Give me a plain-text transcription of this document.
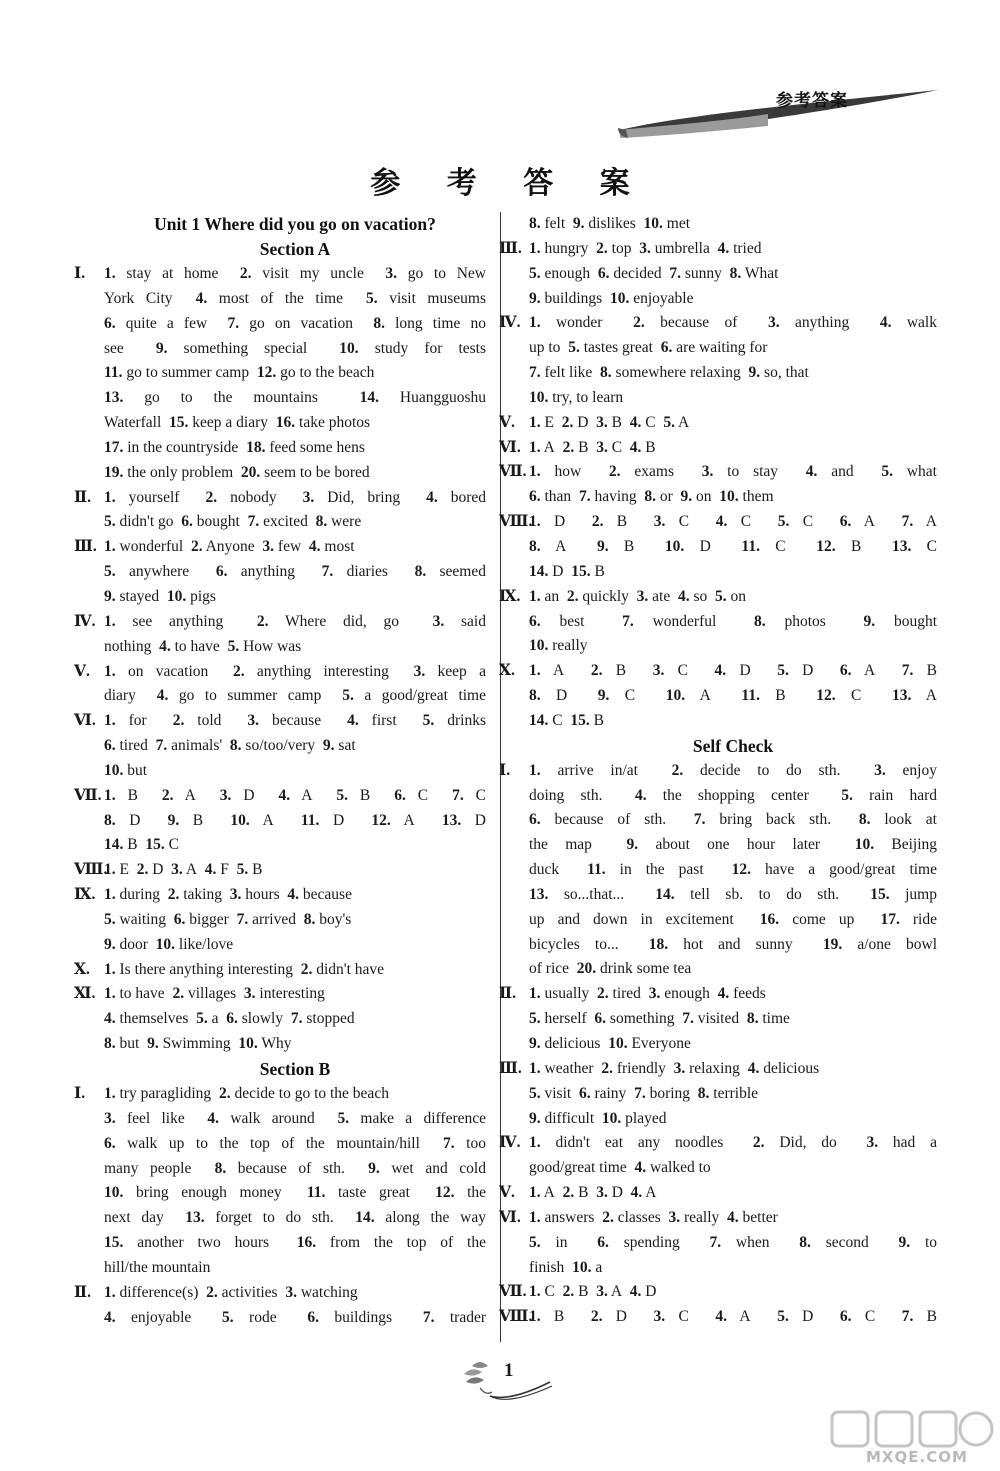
参考答案
参 考 答 案
Unit 1 Where did you go on vacation?
Section A
Ⅰ. 1. stay at home  2. visit my uncle  3. go to New
York City  4. most of the time  5. visit museums
6. quite a few  7. go on vacation  8. long time no
see  9. something special  10. study for tests
11. go to summer camp  12. go to the beach
13. go to the mountains  14. Huangguoshu
Waterfall  15. keep a diary  16. take photos
17. in the countryside  18. feed some hens
19. the only problem  20. seem to be bored
Ⅱ. 1. yourself  2. nobody  3. Did, bring  4. bored
5. didn't go  6. bought  7. excited  8. were
Ⅲ. 1. wonderful  2. Anyone  3. few  4. most
5. anywhere  6. anything  7. diaries  8. seemed
9. stayed  10. pigs
Ⅳ. 1. see anything  2. Where did, go  3. said
nothing  4. to have  5. How was
Ⅴ. 1. on vacation  2. anything interesting  3. keep a
diary  4. go to summer camp  5. a good/great time
Ⅵ. 1. for  2. told  3. because  4. first  5. drinks
6. tired  7. animals'  8. so/too/very  9. sat
10. but
Ⅶ. 1. B  2. A  3. D  4. A  5. B  6. C  7. C
8. D  9. B  10. A  11. D  12. A  13. D
14. B  15. C
Ⅷ.
1. E  2. D  3. A  4. F  5. B
Ⅸ. 1. during  2. taking  3. hours  4. because
5. waiting  6. bigger  7. arrived  8. boy's
9. door  10. like/love
Ⅹ. 1. Is there anything interesting  2. didn't have
Ⅺ. 1. to have  2. villages  3. interesting
4. themselves  5. a  6. slowly  7. stopped
8. but  9. Swimming  10. Why
Section B
Ⅰ. 1. try paragliding  2. decide to go to the beach
3. feel like  4. walk around  5. make a difference
6. walk up to the top of the mountain/hill  7. too
many people  8. because of sth.  9. wet and cold
10. bring enough money  11. taste great  12. the
next day  13. forget to do sth.  14. along the way
15. another two hours  16. from the top of the
hill/the mountain
Ⅱ. 1. difference(s)  2. activities  3. watching
4. enjoyable  5. rode  6. buildings  7. trader
8. felt  9. dislikes  10. met
Ⅲ. 1. hungry  2. top  3. umbrella  4. tried
5. enough  6. decided  7. sunny  8. What
9. buildings  10. enjoyable
Ⅳ. 1. wonder  2. because of  3. anything  4. walk
up to  5. tastes great  6. are waiting for
7. felt like  8. somewhere relaxing  9. so, that
10. try, to learn
Ⅴ. 1. E  2. D  3. B  4. C  5. A
Ⅵ. 1. A  2. B  3. C  4. B
Ⅶ. 1. how  2. exams  3. to stay  4. and  5. what
6. than  7. having  8. or  9. on  10. them
Ⅷ.
1. D  2. B  3. C  4. C  5. C  6. A  7. A
8. A  9. B  10. D  11. C  12. B  13. C
14. D  15. B
Ⅸ. 1. an  2. quickly  3. ate  4. so  5. on
6. best  7. wonderful  8. photos  9. bought
10. really
Ⅹ. 1. A  2. B  3. C  4. D  5. D  6. A  7. B
8. D  9. C  10. A  11. B  12. C  13. A
14. C  15. B
Self Check
Ⅰ. 1. arrive in/at  2. decide to do sth.  3. enjoy
doing sth.  4. the shopping center  5. rain hard
6. because of sth.  7. bring back sth.  8. look at
the map  9. about one hour later  10. Beijing
duck  11. in the past  12. have a good/great time
13. so...that...  14. tell sb. to do sth.  15. jump
up and down in excitement  16. come up  17. ride
bicycles to...  18. hot and sunny  19. a/one bowl
of rice  20. drink some tea
Ⅱ. 1. usually  2. tired  3. enough  4. feeds
5. herself  6. something  7. visited  8. time
9. delicious  10. Everyone
Ⅲ. 1. weather  2. friendly  3. relaxing  4. delicious
5. visit  6. rainy  7. boring  8. terrible
9. difficult  10. played
Ⅳ. 1. didn't eat any noodles  2. Did, do  3. had a
good/great time  4. walked to
Ⅴ. 1. A  2. B  3. D  4. A
Ⅵ. 1. answers  2. classes  3. really  4. better
5. in  6. spending  7. when  8. second  9. to
finish  10. a
Ⅶ. 1. C  2. B  3. A  4. D
Ⅷ.
1. B  2. D  3. C  4. A  5. D  6. C  7. B
1
MXQE.COM
